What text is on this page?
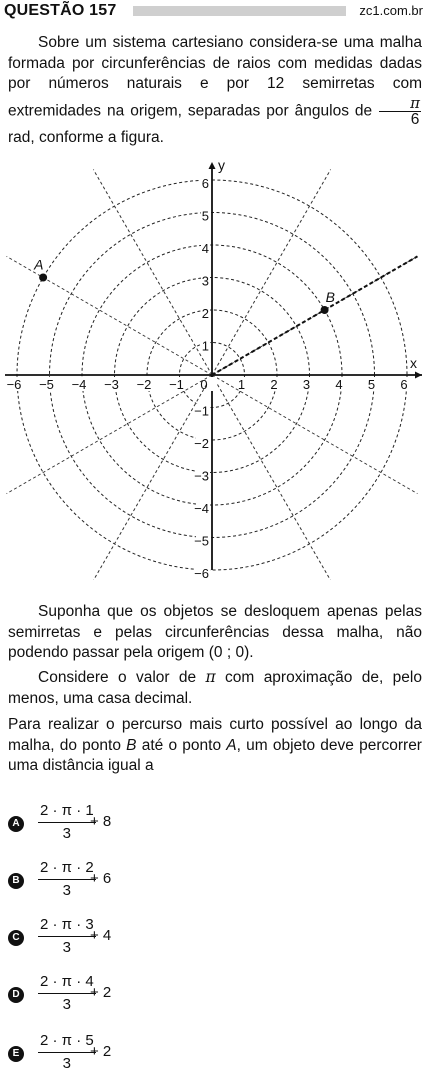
QUESTÃO 157	zc1.com.br
Sobre um sistema cartesiano considera-se uma malha formada por circunferências de raios com medidas dadas por números naturais e por 12 semirretas com extremidades na origem, separadas por ângulos de $\frac{\pi}{6}$
rad, conforme a figura.
x
y
−6 −5 −4 −3 −2 −1 0 1 2 3 4 5 6
6
5
4
3
2
1
−1
−2
−3
−4
−5
−6
A
B
Suponha que os objetos se desloquem apenas pelas semirretas e pelas circunferências dessa malha, não podendo passar pela origem (0 ; 0).
Considere o valor de π com aproximação de, pelo menos, uma casa decimal.
Para realizar o percurso mais curto possível ao longo da malha, do ponto B até o ponto A, um objeto deve percorrer uma distância igual a
A $\frac{2 \cdot \pi \cdot 1}{3}$
+ 8
B $\frac{2 \cdot \pi \cdot 2}{3}$
+ 6
C $\frac{2 \cdot \pi \cdot 3}{3}$
+ 4
D $\frac{2 \cdot \pi \cdot 4}{3}$
+ 2
E	$\frac{2 \cdot \pi \cdot 5}{3}$
+ 2
